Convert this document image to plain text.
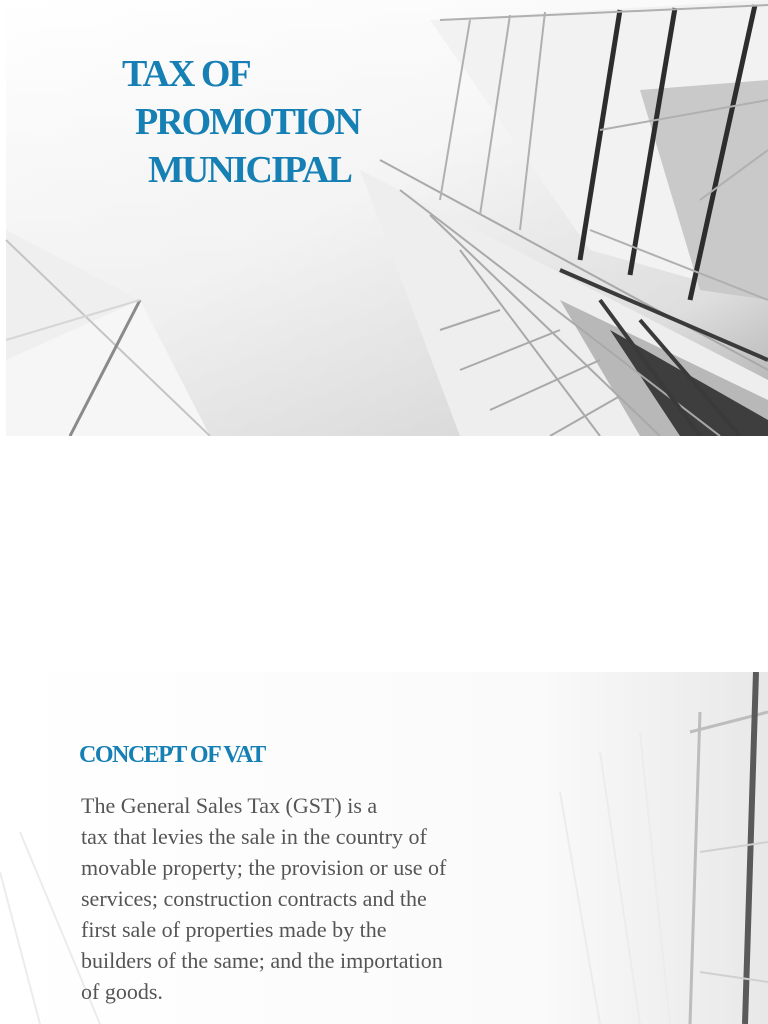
TAX OF
PROMOTION
MUNICIPAL
CONCEPT OF VAT
The General Sales Tax (GST) is a
tax that levies the sale in the country of
movable property; the provision or use of
services; construction contracts and the
first sale of properties made by the
builders of the same; and the importation
of goods.
